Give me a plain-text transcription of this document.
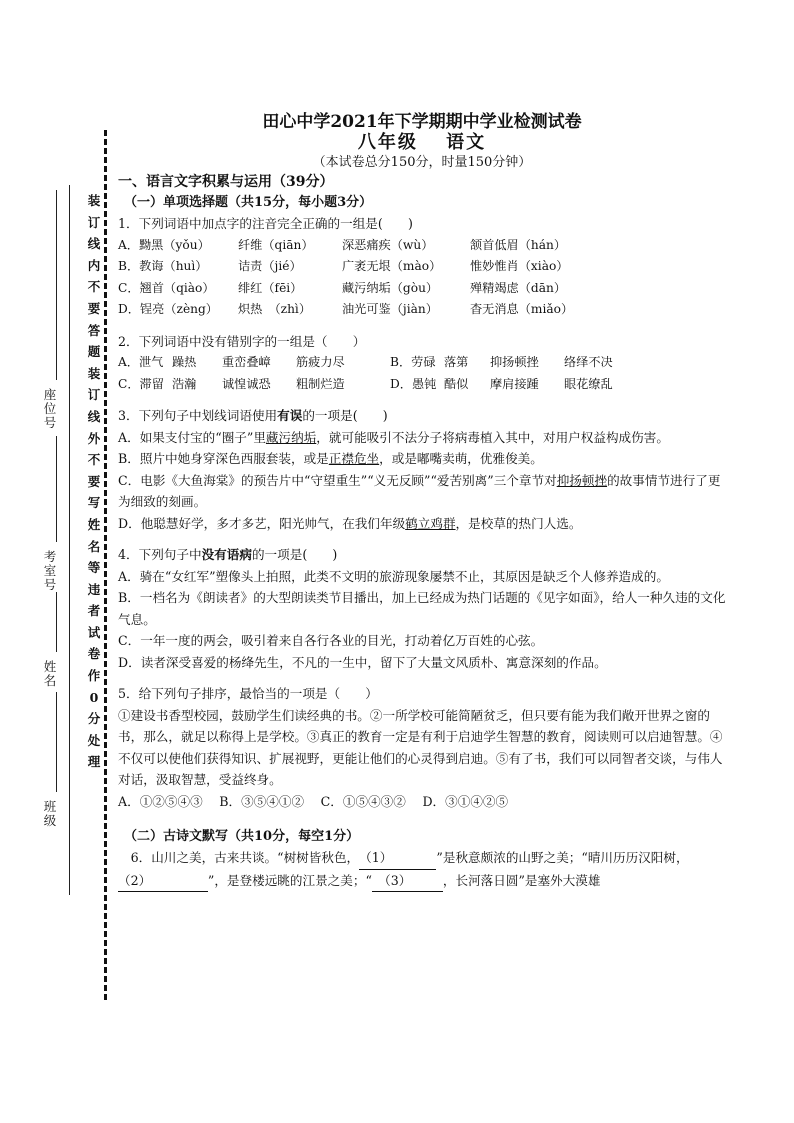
装
订
线
内
不
要
答
题
装
订
线
外
不
要
写
姓
名
等
违
者
试
卷
作
0
分
处
理
座位号
考室号
姓名
班级

田心中学2021年下学期期中学业检测试卷

八年级　 语文

（本试卷总分150分，时量150分钟）

一、语言文字积累与运用（39分）

（一）单项选择题（共15分，每小题3分）

1．下列词语中加点字的注音完全正确的一组是(　　)

A．黝黑（yǒu）	纤维（qiān）	深恶痛疾（wù）	颔首低眉（hán）
B．教诲（huì）	诘责（jié）	广袤无垠（mào）	惟妙惟肖（xiào）
C．翘首（qiào）	绯红（fēi）	藏污纳垢（gòu）	殚精竭虑（dān）
D．锃亮（zèng）	炽热　（zhì）	油光可鉴（jiàn）	杳无消息（miǎo）

2．下列词语中没有错别字的一组是（　　）

A．泄气 躁热	重峦叠嶂	筋疲力尽	B．劳碌 落第	抑扬顿挫	络绎不决
C．滞留 浩瀚	诚惶诚恐	粗制烂造	D．愚钝 酷似	摩肩接踵	眼花缭乱

3．下列句子中划线词语使用有误的一项是(　　)

A．如果支付宝的“圈子”里藏污纳垢，就可能吸引不法分子将病毒植入其中，对用户权益构成伤害。

B．照片中她身穿深色西服套装，或是正襟危坐，或是嘟嘴卖萌，优雅俊美。

C．电影《大鱼海棠》的预告片中“守望重生”“义无反顾”“爱苦别离”三个章节对抑扬顿挫的故事情节进行了更为细致的刻画。

D．他聪慧好学，多才多艺，阳光帅气，在我们年级鹤立鸡群，是校草的热门人选。

4．下列句子中没有语病的一项是(　　)

A．骑在“女红军”塑像头上拍照，此类不文明的旅游现象屡禁不止，其原因是缺乏个人修养造成的。

B．一档名为《朗读者》的大型朗读类节目播出，加上已经成为热门话题的《见字如面》，给人一种久违的文化气息。

C．一年一度的两会，吸引着来自各行各业的目光，打动着亿万百姓的心弦。

D．读者深受喜爱的杨绛先生，不凡的一生中，留下了大量文风质朴、寓意深刻的作品。

5．给下列句子排序，最恰当的一项是（　　）

①建设书香型校园，鼓励学生们读经典的书。②一所学校可能简陋贫乏，但只要有能为我们敞开世界之窗的书，那么，就足以称得上是学校。③真正的教育一定是有利于启迪学生智慧的教育，阅读则可以启迪智慧。④不仅可以使他们获得知识、扩展视野，更能让他们的心灵得到启迪。⑤有了书，我们可以同智者交谈，与伟人对话，汲取智慧，受益终身。

A．①②⑤④③　 B．③⑤④①②　 C．①⑤④③②　 D．③①④②⑤

（二）古诗文默写（共10分，每空1分）

　6．山川之美，古来共谈。“树树皆秋色，（1）　　　　”是秋意颇浓的山野之美；“晴川历历汉阳树，（2）　　　　　”，是登楼远眺的江景之美；“　（3）　　　，长河落日圆”是塞外大漠雄
